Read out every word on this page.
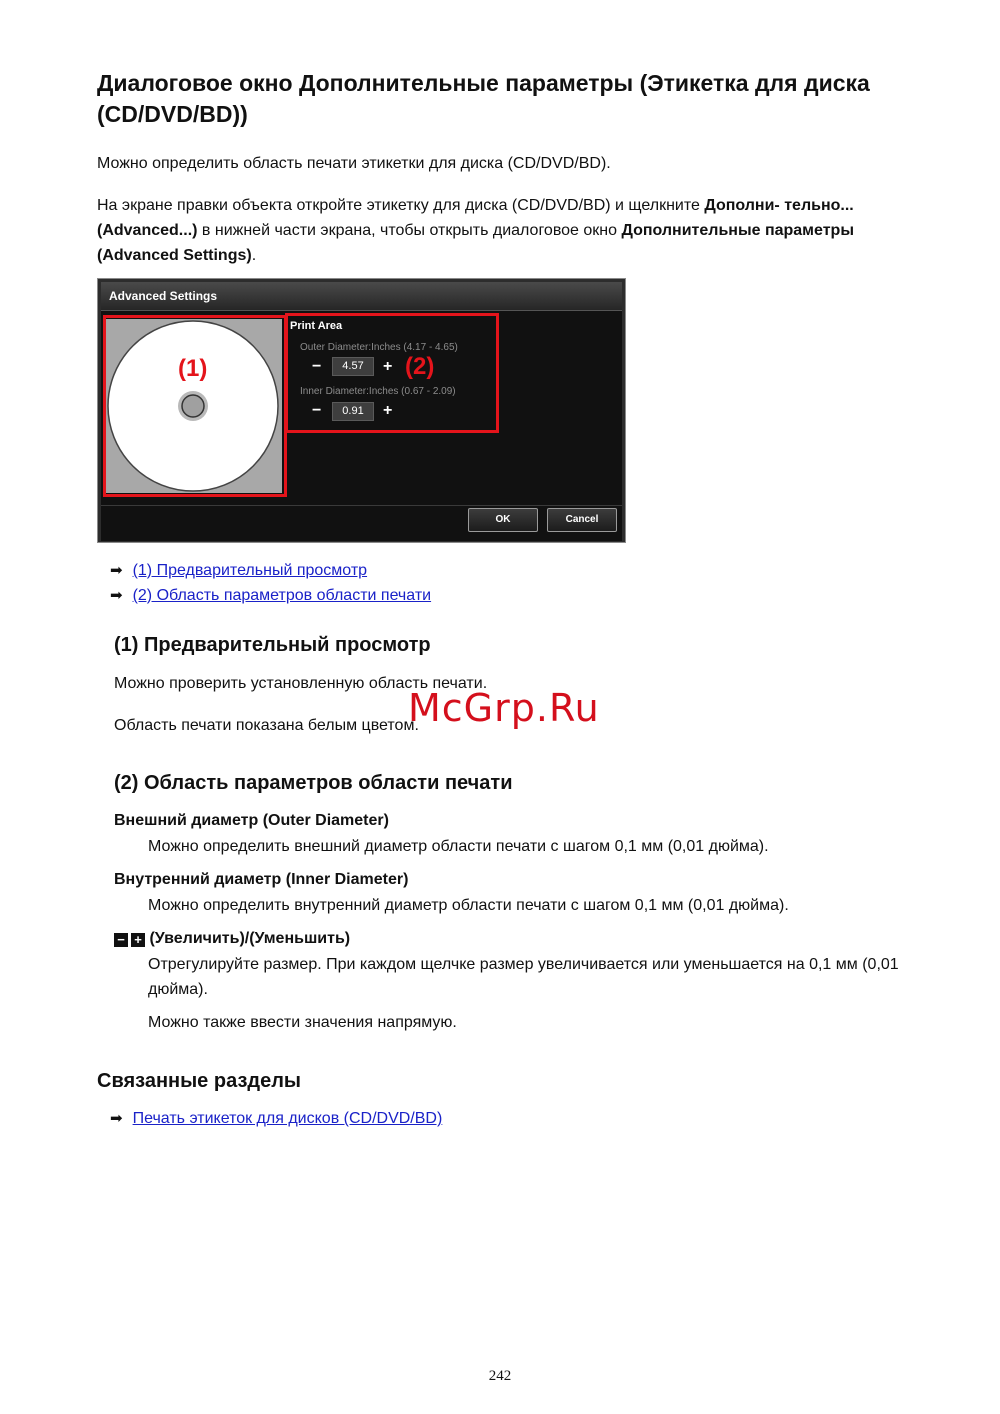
Диалоговое окно Дополнительные параметры (Этикетка для диска (CD/DVD/BD))

Можно определить область печати этикетки для диска (CD/DVD/BD).

На экране правки объекта откройте этикетку для диска (CD/DVD/BD) и щелкните Дополни- тельно... (Advanced...) в нижней части экрана, чтобы открыть диалоговое окно Дополнительные параметры (Advanced Settings).

Advanced Settings
(1)
Print Area
Outer Diameter:Inches (4.17 - 4.65)
−	4.57	+ (2)
Inner Diameter:Inches (0.67 - 2.09)
−	0.91	+
OK	Cancel
➡ (1) Предварительный просмотр
➡ (2) Область параметров области печати
(1) Предварительный просмотр
Можно проверить установленную область печати.
Область печати показана белым цветом.
McGrp.Ru
(2) Область параметров области печати
Внешний диаметр (Outer Diameter)
Можно определить внешний диаметр области печати с шагом 0,1 мм (0,01 дюйма).
Внутренний диаметр (Inner Diameter)
Можно определить внутренний диаметр области печати с шагом 0,1 мм (0,01 дюйма).
− + (Увеличить)/(Уменьшить)
Отрегулируйте размер. При каждом щелчке размер увеличивается или уменьшается на 0,1 мм (0,01 дюйма).
Можно также ввести значения напрямую.
Связанные разделы
➡ Печать этикеток для дисков (CD/DVD/BD)
242
